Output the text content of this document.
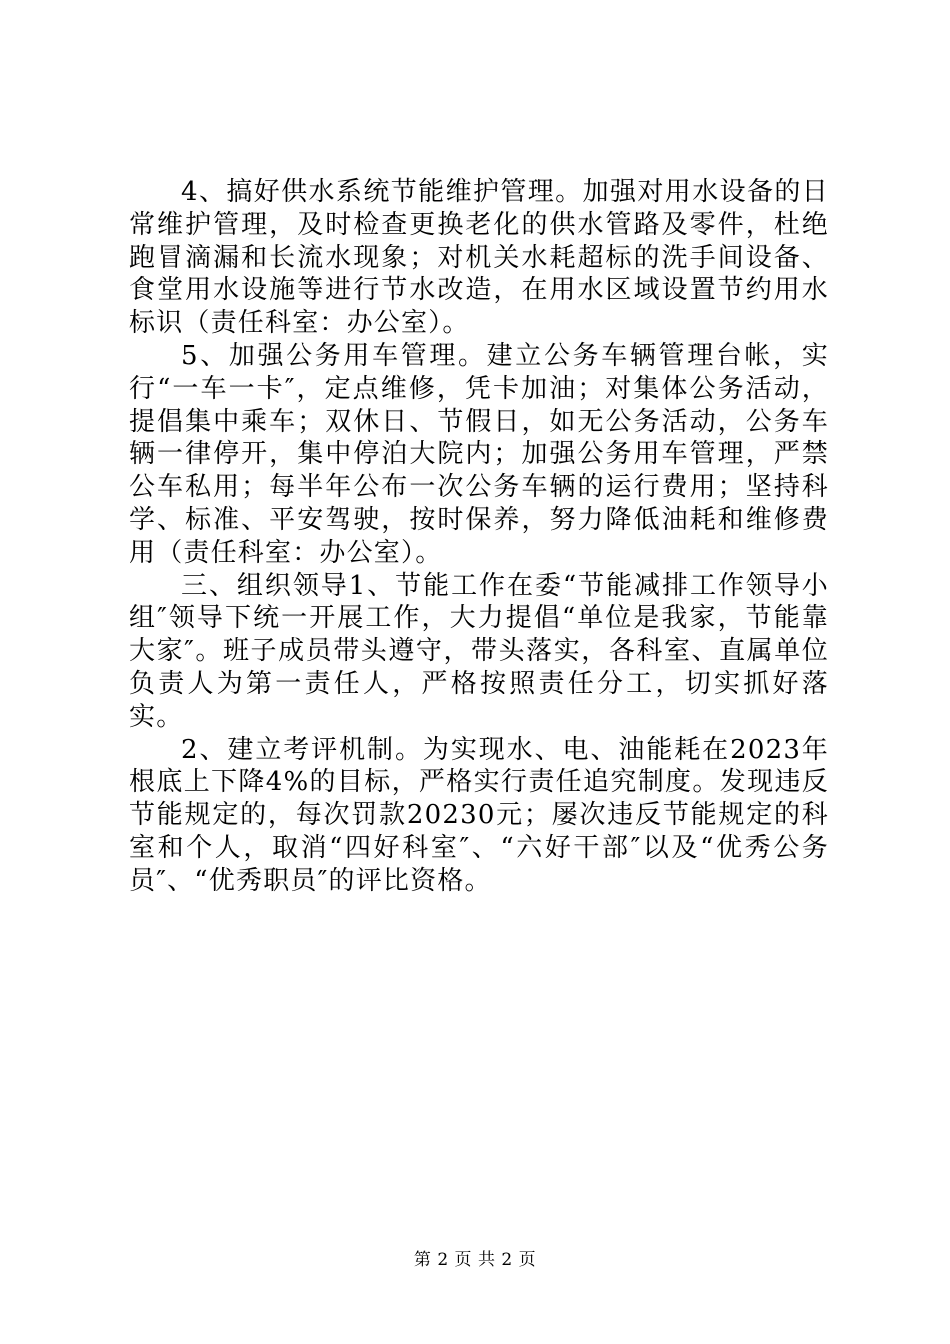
4、搞好供水系统节能维护管理。加强对用水设备的日常维护管理，及时检查更换老化的供水管路及零件，杜绝跑冒滴漏和长流水现象；对机关水耗超标的洗手间设备、食堂用水设施等进行节水改造，在用水区域设置节约用水标识（责任科室：办公室）。

5、加强公务用车管理。建立公务车辆管理台帐，实行“一车一卡″，定点维修，凭卡加油；对集体公务活动，提倡集中乘车；双休日、节假日，如无公务活动，公务车辆一律停开，集中停泊大院内；加强公务用车管理，严禁公车私用；每半年公布一次公务车辆的运行费用；坚持科学、标准、平安驾驶，按时保养，努力降低油耗和维修费用（责任科室：办公室）。

三、组织领导1、节能工作在委“节能减排工作领导小组″领导下统一开展工作，大力提倡“单位是我家，节能靠大家″。班子成员带头遵守，带头落实，各科室、直属单位负责人为第一责任人，严格按照责任分工，切实抓好落实。

2、建立考评机制。为实现水、电、油能耗在2023年根底上下降4%的目标，严格实行责任追究制度。发现违反节能规定的，每次罚款20230元；屡次违反节能规定的科室和个人，取消“四好科室″、“六好干部″以及“优秀公务员″、“优秀职员″的评比资格。

第 2 页 共 2 页
